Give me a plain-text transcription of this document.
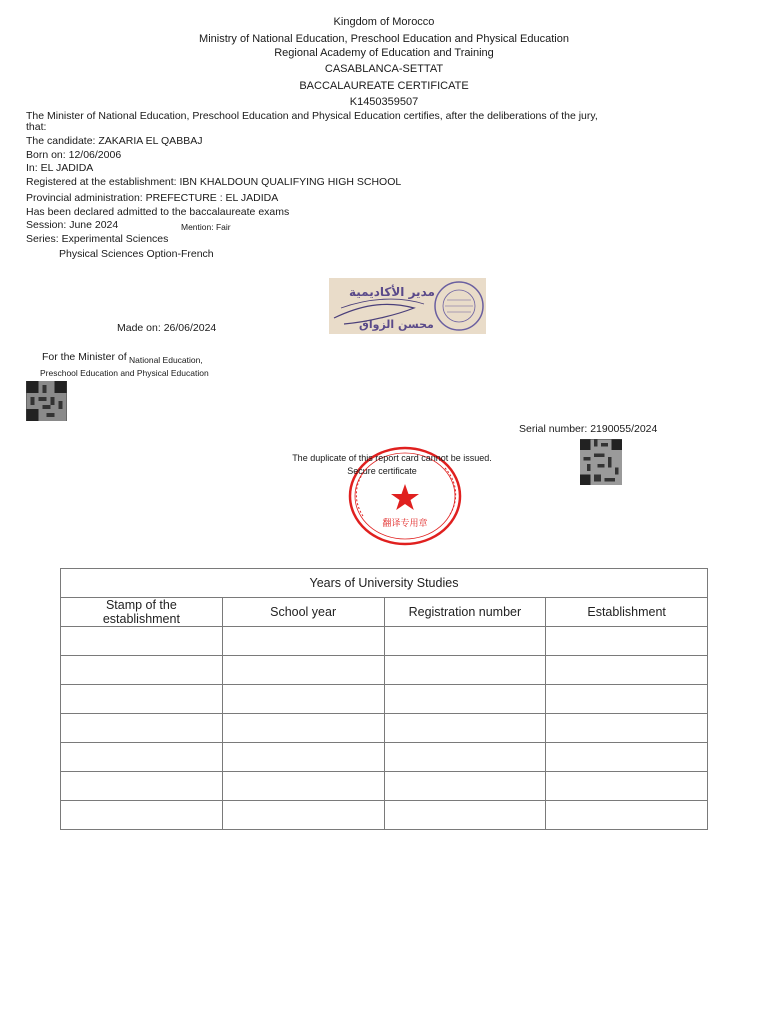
Kingdom of Morocco
Ministry of National Education, Preschool Education and Physical Education
Regional Academy of Education and Training
CASABLANCA-SETTAT
BACCALAUREATE CERTIFICATE
K1450359507
The Minister of National Education, Preschool Education and Physical Education certifies, after the deliberations of the jury, that:
The candidate: ZAKARIA EL QABBAJ
Born on: 12/06/2006
In: EL JADIDA
Registered at the establishment: IBN KHALDOUN QUALIFYING HIGH SCHOOL
Provincial administration: PREFECTURE : EL JADIDA
Has been declared admitted to the baccalaureate exams
Session: June 2024	Mention: Fair
Series: Experimental Sciences
Physical Sciences Option-French
مدير الأكاديمية
محسن الزواق
Made on: 26/06/2024
For the Minister of National Education,
Preschool Education and Physical Education
Serial number: 2190055/2024
翻译专用章
The duplicate of this report card cannot be issued.
Secure certificate
Years of University Studies			
Stamp of the establishment	School year	Registration number	Establishment
